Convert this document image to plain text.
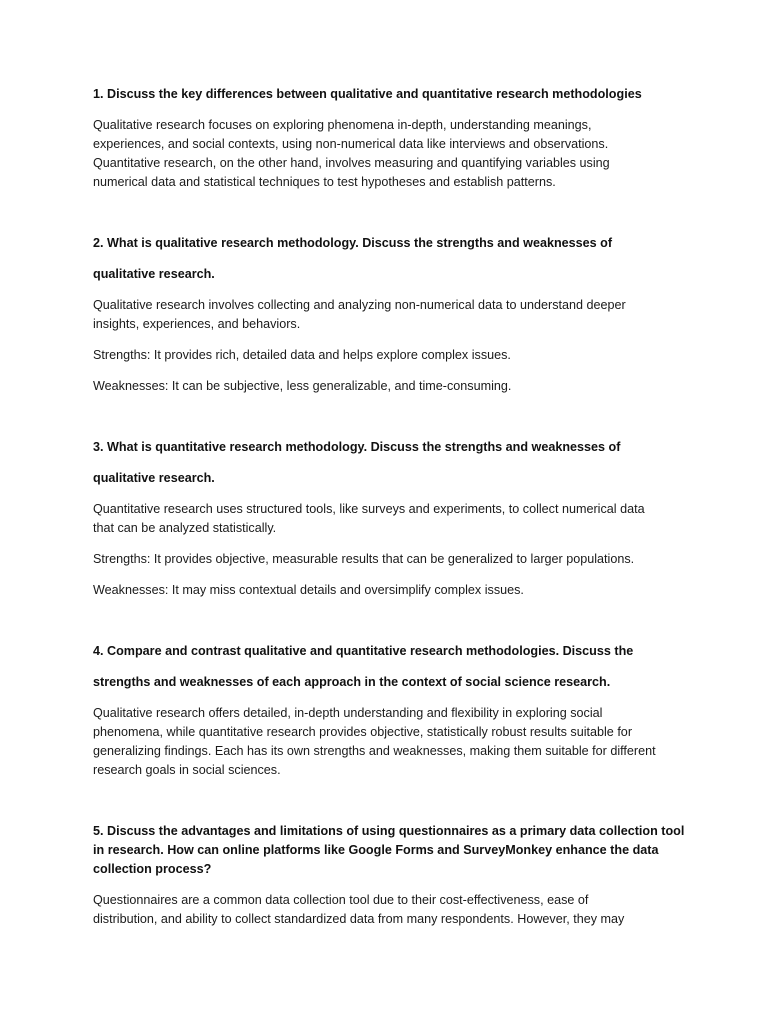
1. Discuss the key differences between qualitative and quantitative research methodologies

Qualitative research focuses on exploring phenomena in-depth, understanding meanings,
experiences, and social contexts, using non-numerical data like interviews and observations.
Quantitative research, on the other hand, involves measuring and quantifying variables using
numerical data and statistical techniques to test hypotheses and establish patterns.

2. What is qualitative research methodology. Discuss the strengths and weaknesses of
qualitative research.

Qualitative research involves collecting and analyzing non-numerical data to understand deeper
insights, experiences, and behaviors.

Strengths: It provides rich, detailed data and helps explore complex issues.

Weaknesses: It can be subjective, less generalizable, and time-consuming.

3. What is quantitative research methodology. Discuss the strengths and weaknesses of
qualitative research.

Quantitative research uses structured tools, like surveys and experiments, to collect numerical data
that can be analyzed statistically.

Strengths: It provides objective, measurable results that can be generalized to larger populations.

Weaknesses: It may miss contextual details and oversimplify complex issues.

4. Compare and contrast qualitative and quantitative research methodologies. Discuss the
strengths and weaknesses of each approach in the context of social science research.

Qualitative research offers detailed, in-depth understanding and flexibility in exploring social
phenomena, while quantitative research provides objective, statistically robust results suitable for
generalizing findings. Each has its own strengths and weaknesses, making them suitable for different
research goals in social sciences.

5. Discuss the advantages and limitations of using questionnaires as a primary data collection tool
in research. How can online platforms like Google Forms and SurveyMonkey enhance the data
collection process?

Questionnaires are a common data collection tool due to their cost-effectiveness, ease of
distribution, and ability to collect standardized data from many respondents. However, they may
